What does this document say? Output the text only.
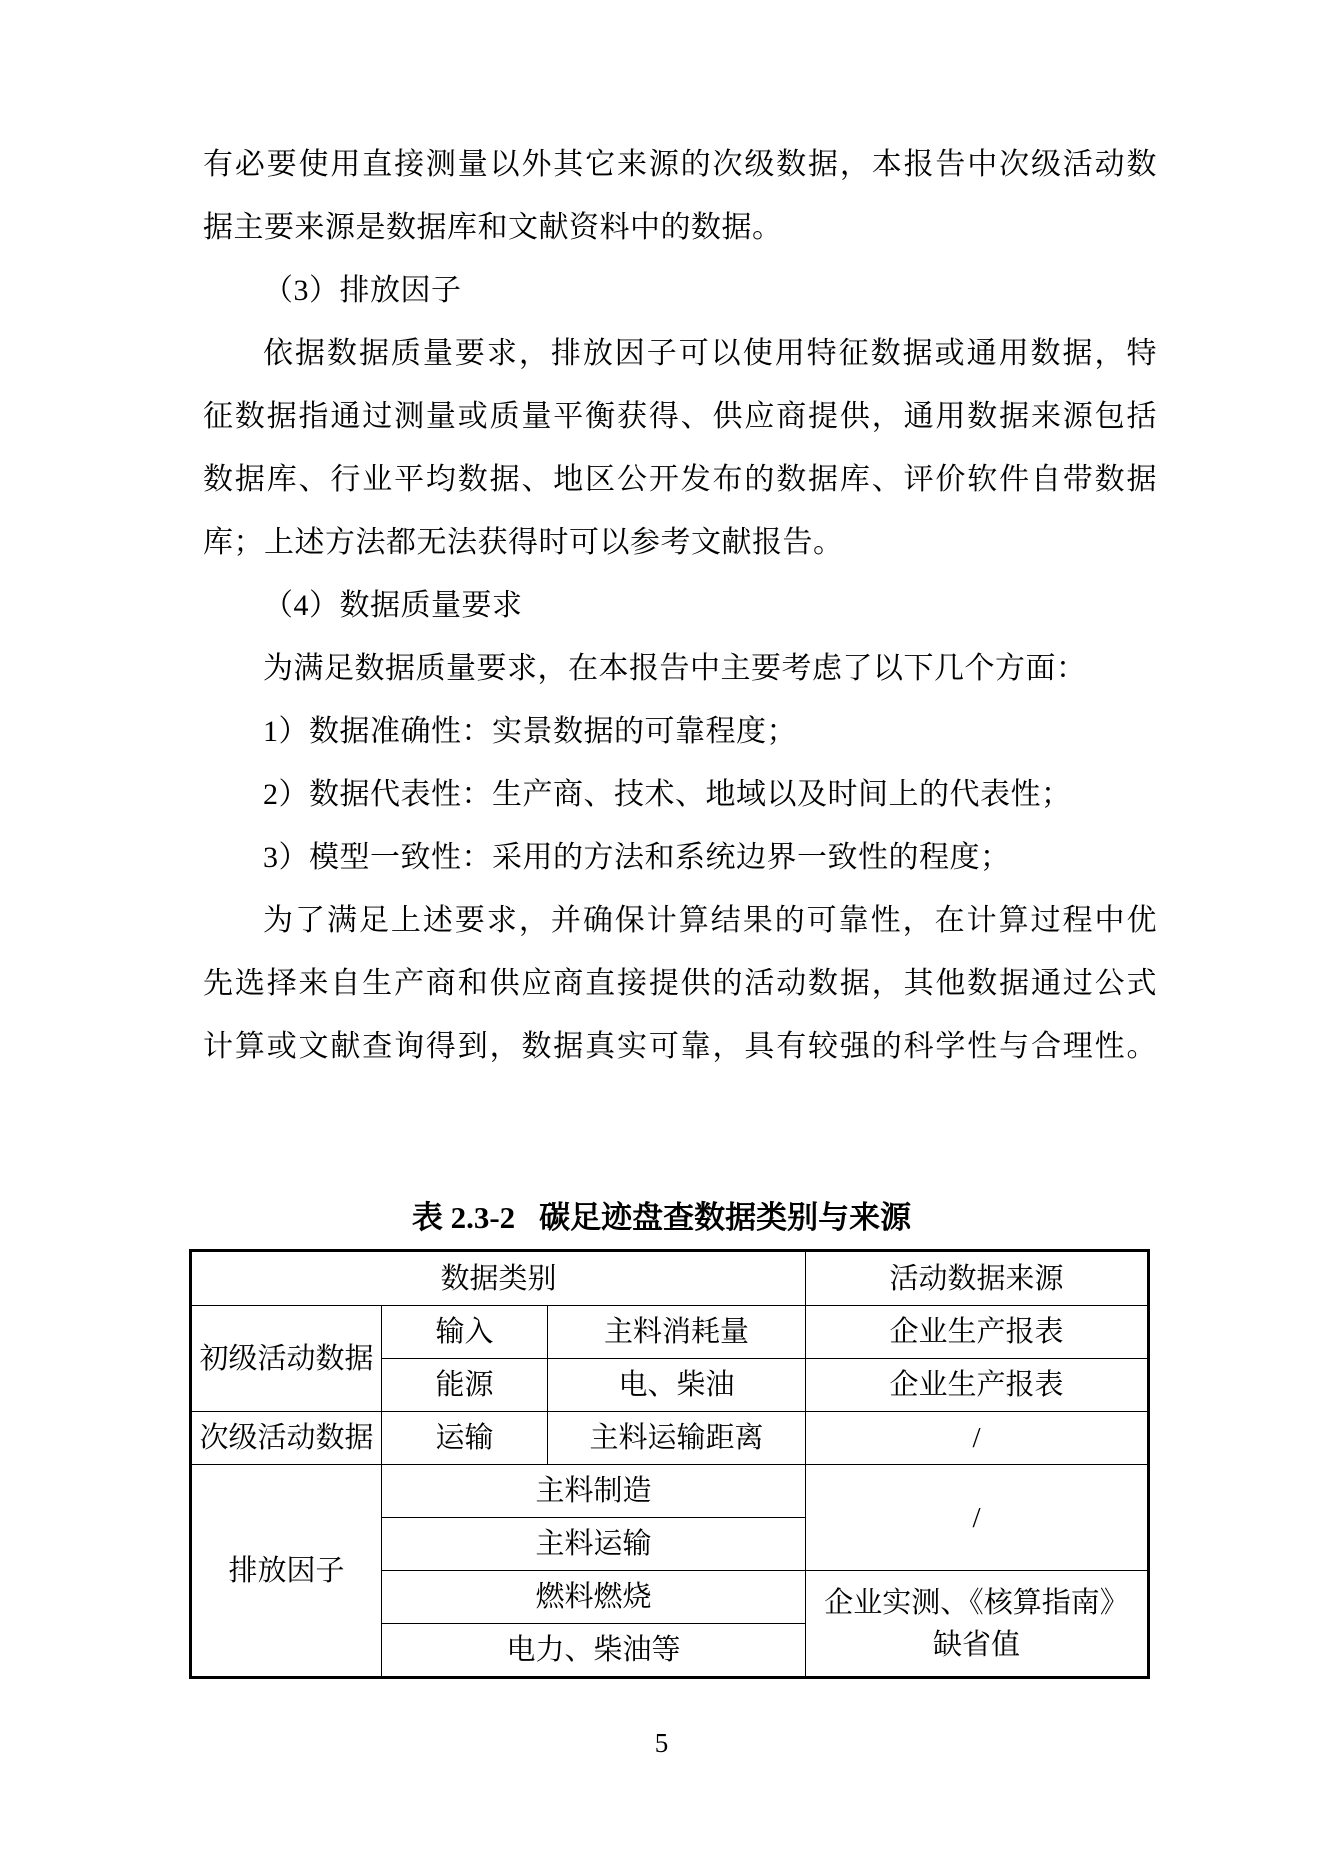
有必要使用直接测量以外其它来源的次级数据，本报告中次级活动数

据主要来源是数据库和文献资料中的数据。

（3）排放因子

依据数据质量要求，排放因子可以使用特征数据或通用数据，特

征数据指通过测量或质量平衡获得、供应商提供，通用数据来源包括

数据库、行业平均数据、地区公开发布的数据库、评价软件自带数据

库；上述方法都无法获得时可以参考文献报告。

（4）数据质量要求

为满足数据质量要求，在本报告中主要考虑了以下几个方面：

1）数据准确性：实景数据的可靠程度；

2）数据代表性：生产商、技术、地域以及时间上的代表性；

3）模型一致性：采用的方法和系统边界一致性的程度；

为了满足上述要求，并确保计算结果的可靠性，在计算过程中优

先选择来自生产商和供应商直接提供的活动数据，其他数据通过公式

计算或文献查询得到，数据真实可靠，具有较强的科学性与合理性。

表 2.3-2 碳足迹盘查数据类别与来源
数据类别			活动数据来源
初级活动数据	输入	主料消耗量	企业生产报表
	能源	电、柴油	企业生产报表
次级活动数据	运输	主料运输距离	/
排放因子	主料制造		/
	主料运输		
	燃料燃烧		企业实测、《核算指南》缺省值
	电力、柴油等		
5
